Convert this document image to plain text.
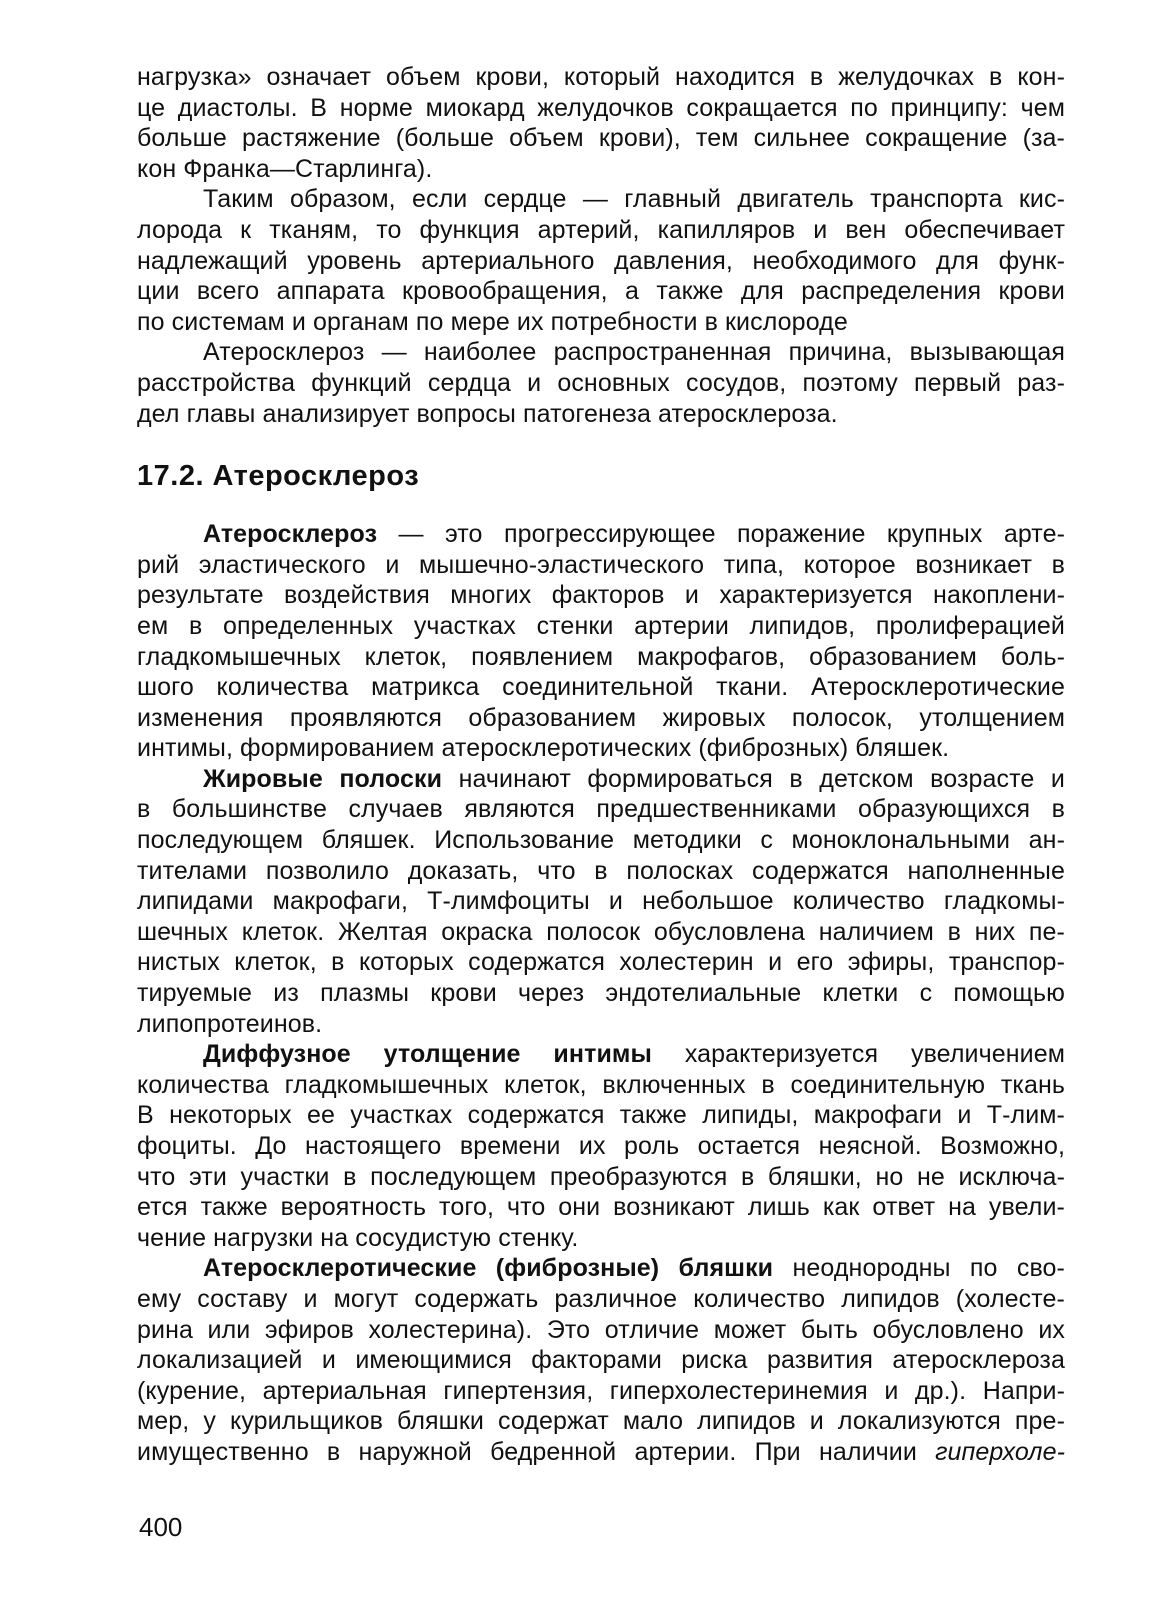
нагрузка» означает объем крови, который находится в желудочках в кон-
це диастолы. В норме миокард желудочков сокращается по принципу: чем
больше растяжение (больше объем крови), тем сильнее сокращение (за-
кон Франка—Старлинга).
Таким образом, если сердце — главный двигатель транспорта кис-
лорода к тканям, то функция артерий, капилляров и вен обеспечивает
надлежащий уровень артериального давления, необходимого для функ-
ции всего аппарата кровообращения, а также для распределения крови
по системам и органам по мере их потребности в кислороде
Атеросклероз — наиболее распространенная причина, вызывающая
расстройства функций сердца и основных сосудов, поэтому первый раз-
дел главы анализирует вопросы патогенеза атеросклероза.
17.2. Атеросклероз
Атеросклероз — это прогрессирующее поражение крупных арте-
рий эластического и мышечно-эластического типа, которое возникает в
результате воздействия многих факторов и характеризуется накоплени-
ем в определенных участках стенки артерии липидов, пролиферацией
гладкомышечных клеток, появлением макрофагов, образованием боль-
шого количества матрикса соединительной ткани. Атеросклеротические
изменения проявляются образованием жировых полосок, утолщением
интимы, формированием атеросклеротических (фиброзных) бляшек.
Жировые полоски начинают формироваться в детском возрасте и
в большинстве случаев являются предшественниками образующихся в
последующем бляшек. Использование методики с моноклональными ан-
тителами позволило доказать, что в полосках содержатся наполненные
липидами макрофаги, Т-лимфоциты и небольшое количество гладкомы-
шечных клеток. Желтая окраска полосок обусловлена наличием в них пе-
нистых клеток, в которых содержатся холестерин и его эфиры, транспор-
тируемые из плазмы крови через эндотелиальные клетки с помощью
липопротеинов.
Диффузное утолщение интимы характеризуется увеличением
количества гладкомышечных клеток, включенных в соединительную ткань
В некоторых ее участках содержатся также липиды, макрофаги и Т-лим-
фоциты. До настоящего времени их роль остается неясной. Возможно,
что эти участки в последующем преобразуются в бляшки, но не исключа-
ется также вероятность того, что они возникают лишь как ответ на увели-
чение нагрузки на сосудистую стенку.
Атеросклеротические (фиброзные) бляшки неоднородны по сво-
ему составу и могут содержать различное количество липидов (холесте-
рина или эфиров холестерина). Это отличие может быть обусловлено их
локализацией и имеющимися факторами риска развития атеросклероза
(курение, артериальная гипертензия, гиперхолестеринемия и др.). Напри-
мер, у курильщиков бляшки содержат мало липидов и локализуются пре-
имущественно в наружной бедренной артерии. При наличии гиперхоле-
400
